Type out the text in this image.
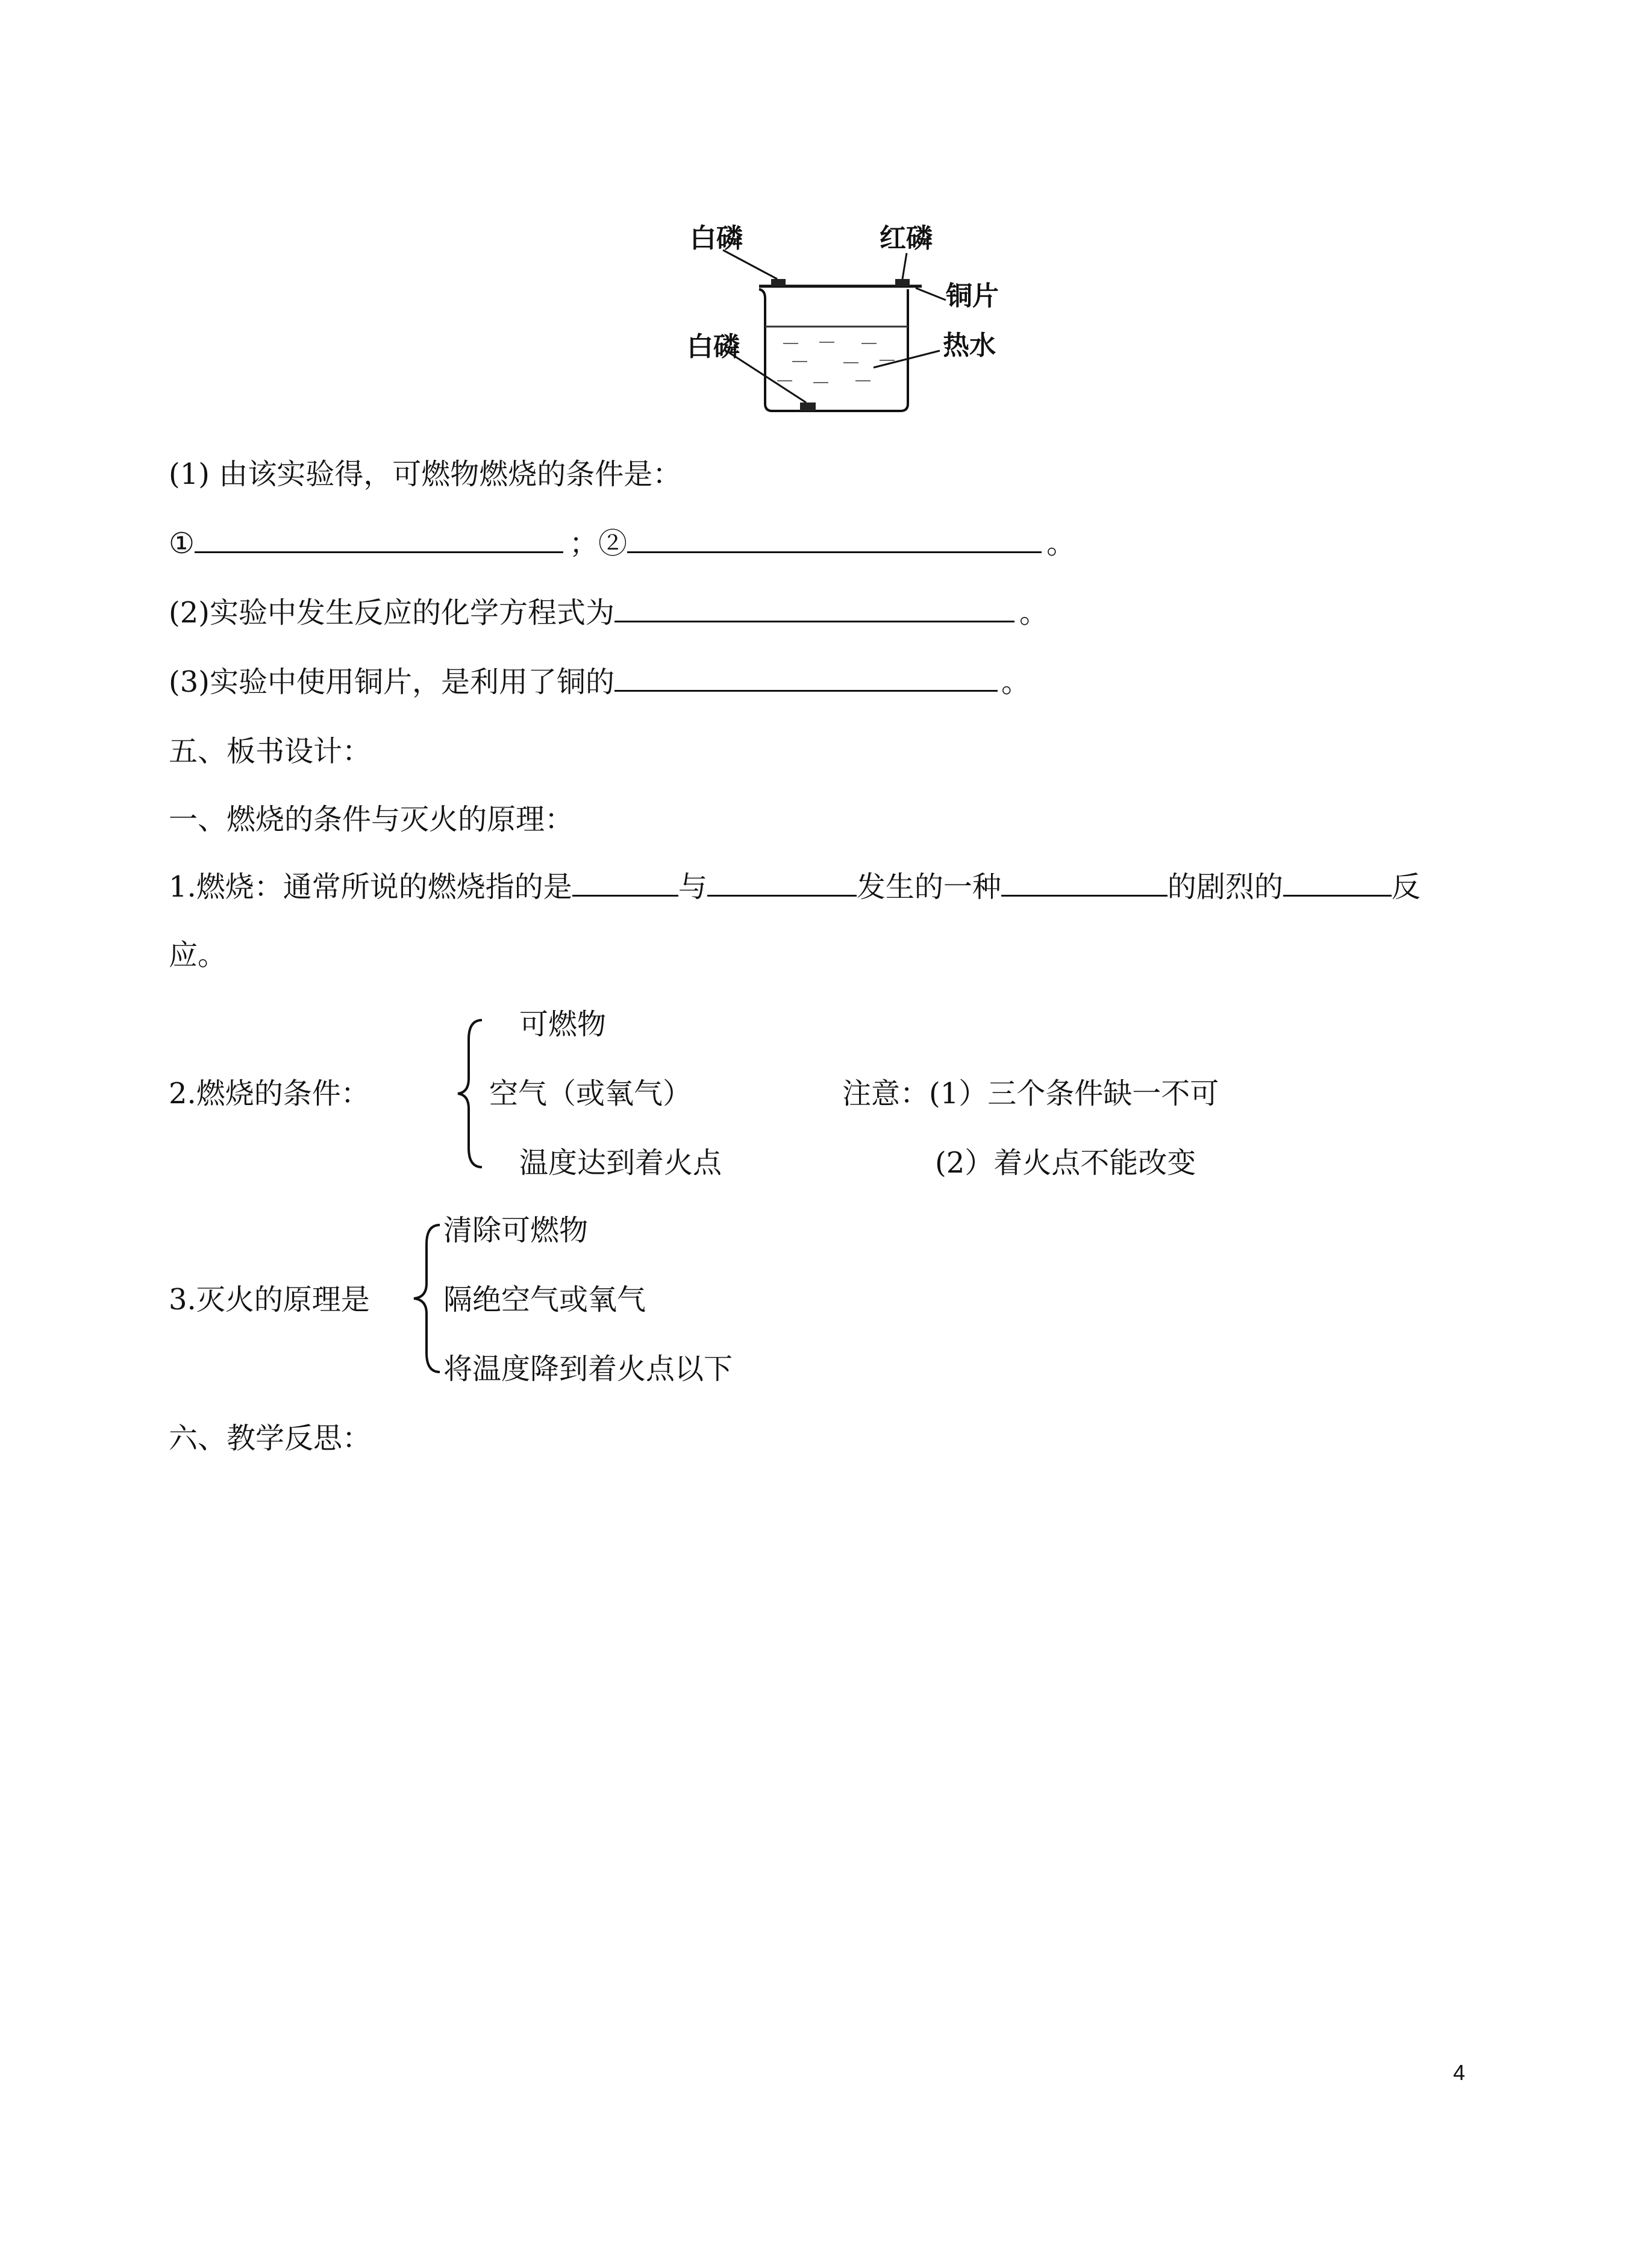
白磷	红磷
铜片
白磷	热水
(1) 由该实验得，可燃物燃烧的条件是：
①	；②	。
(2)实验中发生反应的化学方程式为	。
(3)实验中使用铜片，是利用了铜的	。
五、板书设计：
一、燃烧的条件与灭火的原理：
1.燃烧：通常所说的燃烧指的是	与	发生的一种	的剧烈的	反
应。
2.燃烧的条件：
可燃物
空气（或氧气）
温度达到着火点
注意：(1）三个条件缺一不可
(2）着火点不能改变
3.灭火的原理是
清除可燃物
隔绝空气或氧气
将温度降到着火点以下
六、教学反思：
4
